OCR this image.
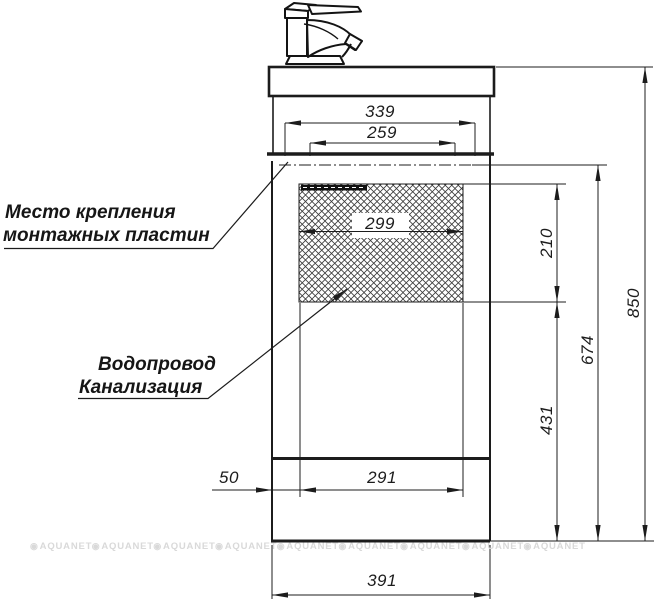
339
259
299
210
431
674
850
50	291
391
Место крепления
монтажных пластин
Водопровод
Канализация
◉ AQUANET ◉ AQUANET ◉ AQUANET ◉ AQUANET ◉ AQUANET ◉ AQUANET ◉ AQUANET ◉ AQUANET ◉ AQUANET
